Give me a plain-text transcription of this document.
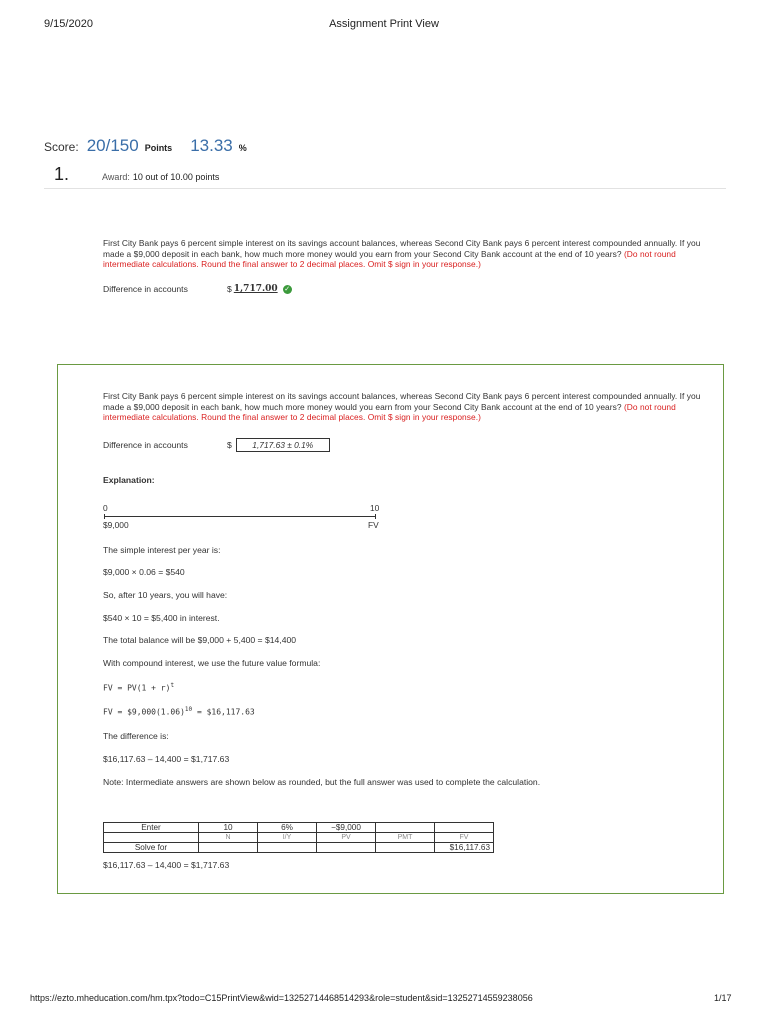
9/15/2020	Assignment Print View
Score: 20/150 Points 13.33 %
1.	Award: 10 out of 10.00 points
First City Bank pays 6 percent simple interest on its savings account balances, whereas Second City Bank pays 6 percent interest compounded annually. If you made a $9,000 deposit in each bank, how much more money would you earn from your Second City Bank account at the end of 10 years? (Do not round intermediate calculations. Round the final answer to 2 decimal places. Omit $ sign in your response.)
Difference in accounts	$ 1,717.00 ✓
First City Bank pays 6 percent simple interest on its savings account balances, whereas Second City Bank pays 6 percent interest compounded annually. If you made a $9,000 deposit in each bank, how much more money would you earn from your Second City Bank account at the end of 10 years? (Do not round intermediate calculations. Round the final answer to 2 decimal places. Omit $ sign in your response.)
Difference in accounts	$	1,717.63 ± 0.1%
Explanation:
0	10
$9,000	FV
The simple interest per year is:
$9,000 × 0.06 = $540
So, after 10 years, you will have:
$540 × 10 = $5,400 in interest.
The total balance will be $9,000 + 5,400 = $14,400
With compound interest, we use the future value formula:
FV = $PV(1 + r)^t$
FV = $\$9,000(1.06)^{10}$ = $16,117.63
The difference is:
$16,117.63 – 14,400 = $1,717.63
Note: Intermediate answers are shown below as rounded, but the full answer was used to complete the calculation.
Enter	10	6%	−$9,000		
	N	I/Y	PV	PMT	FV
Solve for					$16,117.63
$16,117.63 – 14,400 = $1,717.63
https://ezto.mheducation.com/hm.tpx?todo=C15PrintView&wid=13252714468514293&role=student&sid=13252714559238056	1/17
